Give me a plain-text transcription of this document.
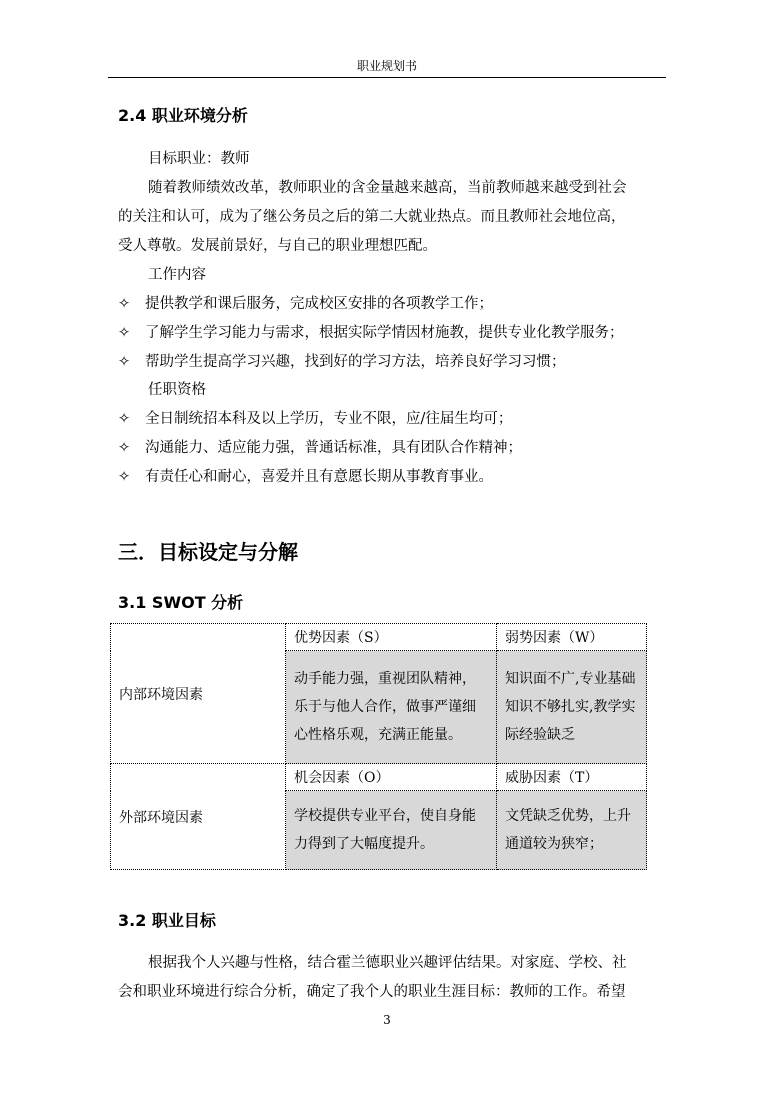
职业规划书
2.4 职业环境分析
目标职业：教师
随着教师绩效改革，教师职业的含金量越来越高，当前教师越来越受到社会
的关注和认可，成为了继公务员之后的第二大就业热点。而且教师社会地位高，
受人尊敬。发展前景好，与自己的职业理想匹配。
工作内容
✧ 提供教学和课后服务，完成校区安排的各项教学工作；
✧ 了解学生学习能力与需求，根据实际学情因材施教，提供专业化教学服务；
✧ 帮助学生提高学习兴趣，找到好的学习方法，培养良好学习习惯；
任职资格
✧ 全日制统招本科及以上学历，专业不限，应/往届生均可；
✧ 沟通能力、适应能力强，普通话标准，具有团队合作精神；
✧ 有责任心和耐心，喜爱并且有意愿长期从事教育事业。
三．目标设定与分解
3.1 SWOT 分析
内部环境因素	优势因素（S）	弱势因素（W）
	动手能力强，重视团队精神，乐于与他人合作，做事严谨细心性格乐观，充满正能量。	知识面不广,专业基础知识不够扎实,教学实际经验缺乏
外部环境因素	机会因素（O）	威胁因素（T）
	学校提供专业平台，使自身能力得到了大幅度提升。	文凭缺乏优势，上升通道较为狭窄；
3.2 职业目标
根据我个人兴趣与性格，结合霍兰德职业兴趣评估结果。对家庭、学校、社
会和职业环境进行综合分析，确定了我个人的职业生涯目标：教师的工作。希望
3
